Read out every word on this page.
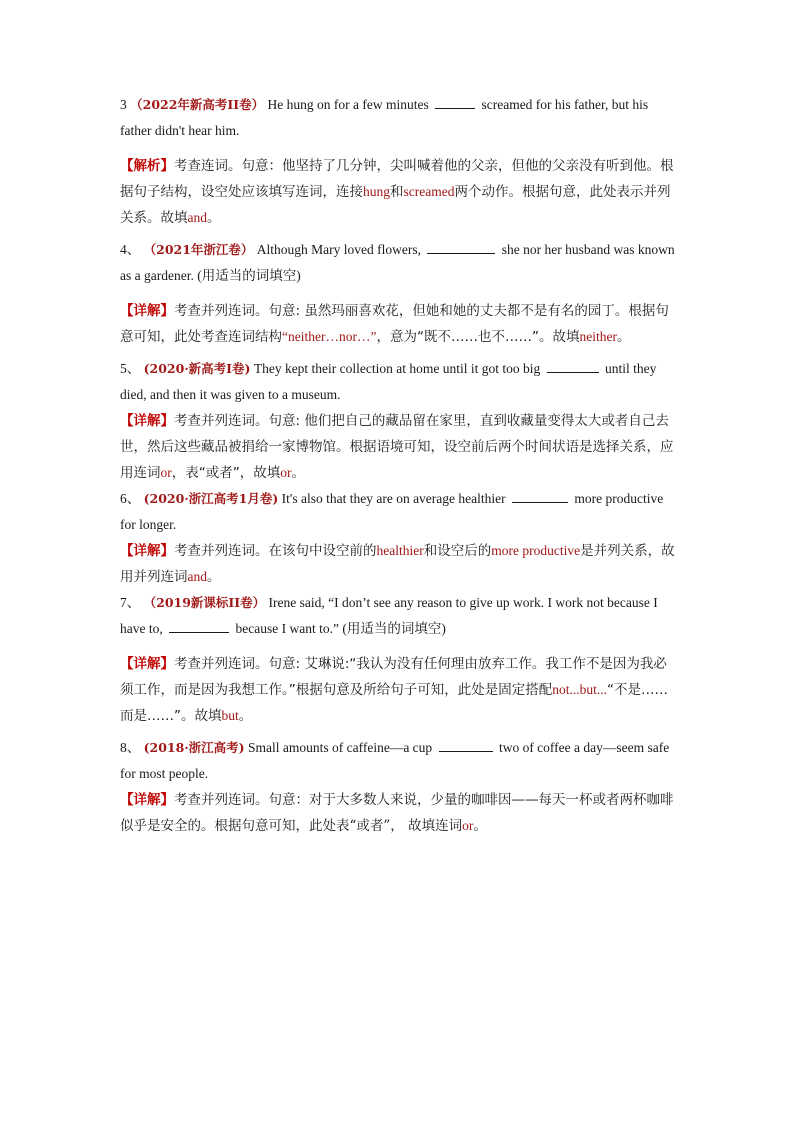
3 （2022年新高考II卷） He hung on for a few minutes	screamed for his father, but his father didn't hear him.

【解析】考查连词。句意：他坚持了几分钟，尖叫喊着他的父亲，但他的父亲没有听到他。根据句子结构，设空处应该填写连词，连接hung和screamed两个动作。根据句意，此处表示并列关系。故填and。

4、 （2021年浙江卷） Although Mary loved flowers,	she nor her husband was known as a gardener. (用适当的词填空)

【详解】考查并列连词。句意: 虽然玛丽喜欢花，但她和她的丈夫都不是有名的园丁。根据句意可知，此处考查连词结构“neither…nor…”，意为“既不……也不……”。故填neither。

5、 (2020·新高考Ⅰ卷) They kept their collection at home until it got too big	until they died, and then it was given to a museum.

【详解】考查并列连词。句意: 他们把自己的藏品留在家里，直到收藏量变得太大或者自己去世，然后这些藏品被捐给一家博物馆。根据语境可知，设空前后两个时间状语是选择关系，应用连词or，表“或者”，故填or。

6、 (2020·浙江高考1月卷) It's also that they are on average healthier	more productive for longer.

【详解】考查并列连词。在该句中设空前的healthier和设空后的more productive是并列关系，故用并列连词and。

7、 （2019新课标II卷） Irene said, “I don’t see any reason to give up work. I work not because I have to,	because I want to.” (用适当的词填空)

【详解】考查并列连词。句意: 艾琳说:“我认为没有任何理由放弃工作。我工作不是因为我必须工作，而是因为我想工作。”根据句意及所给句子可知，此处是固定搭配not...but...“不是……而是……”。故填but。

8、 (2018·浙江高考) Small amounts of caffeine—a cup	two of coffee a day—seem safe for most people.

【详解】考查并列连词。句意：对于大多数人来说，少量的咖啡因——每天一杯或者两杯咖啡似乎是安全的。根据句意可知，此处表“或者”， 故填连词or。
